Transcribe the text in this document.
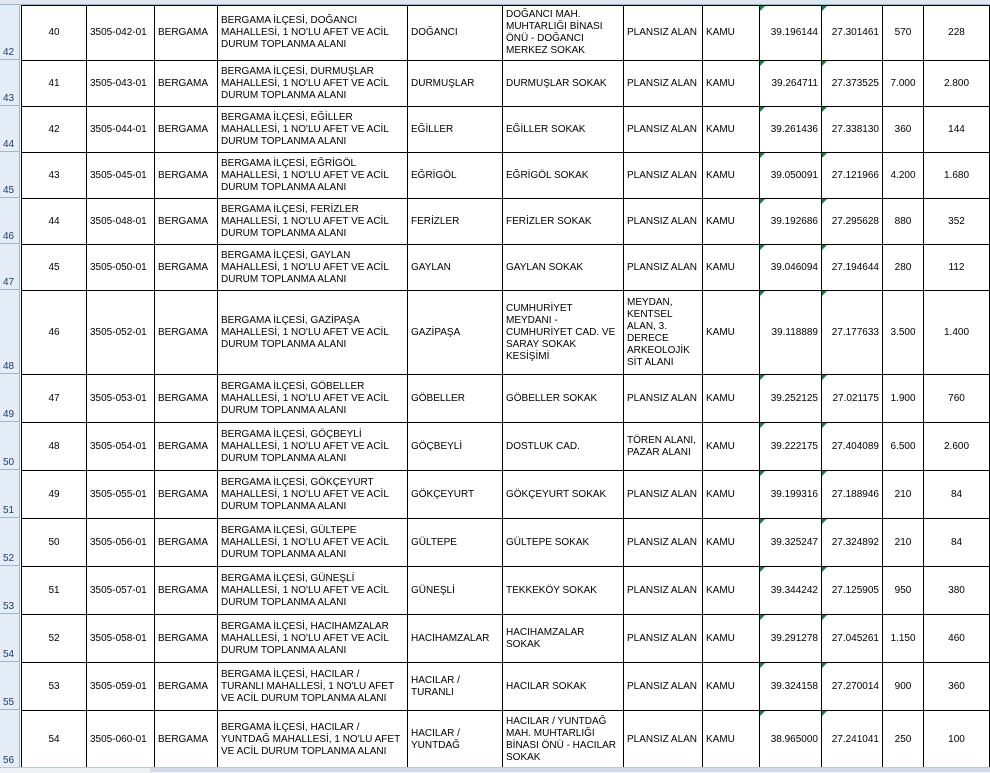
42
43
44
45
46
47
48
49
50
51
52
53
54
55
56
40	3505-042-01	BERGAMA	BERGAMA İLÇESİ, DOĞANCI MAHALLESİ, 1 NO'LU AFET VE ACİL DURUM TOPLANMA ALANI	DOĞANCI	DOĞANCI MAH. MUHTARLIĞI BİNASI ÖNÜ - DOĞANCI MERKEZ SOKAK	PLANSIZ ALAN	KAMU	39.196144	27.301461	570	228
41	3505-043-01	BERGAMA	BERGAMA İLÇESİ, DURMUŞLAR MAHALLESİ, 1 NO'LU AFET VE ACİL DURUM TOPLANMA ALANI	DURMUŞLAR	DURMUŞLAR SOKAK	PLANSIZ ALAN	KAMU	39.264711	27.373525	7.000	2.800
42	3505-044-01	BERGAMA	BERGAMA İLÇESİ, EĞİLLER MAHALLESİ, 1 NO'LU AFET VE ACİL DURUM TOPLANMA ALANI	EĞİLLER	EĞİLLER SOKAK	PLANSIZ ALAN	KAMU	39.261436	27.338130	360	144
43	3505-045-01	BERGAMA	BERGAMA İLÇESİ, EĞRİGÖL MAHALLESİ, 1 NO'LU AFET VE ACİL DURUM TOPLANMA ALANI	EĞRİGÖL	EĞRİGÖL SOKAK	PLANSIZ ALAN	KAMU	39.050091	27.121966	4.200	1.680
44	3505-048-01	BERGAMA	BERGAMA İLÇESİ, FERİZLER MAHALLESİ, 1 NO'LU AFET VE ACİL DURUM TOPLANMA ALANI	FERİZLER	FERİZLER SOKAK	PLANSIZ ALAN	KAMU	39.192686	27.295628	880	352
45	3505-050-01	BERGAMA	BERGAMA İLÇESİ, GAYLAN MAHALLESİ, 1 NO'LU AFET VE ACİL DURUM TOPLANMA ALANI	GAYLAN	GAYLAN SOKAK	PLANSIZ ALAN	KAMU	39.046094	27.194644	280	112
46	3505-052-01	BERGAMA	BERGAMA İLÇESİ, GAZİPAŞA MAHALLESİ, 1 NO'LU AFET VE ACİL DURUM TOPLANMA ALANI	GAZİPAŞA	CUMHURİYET MEYDANI - CUMHURİYET CAD. VE SARAY SOKAK KESİŞİMİ	MEYDAN, KENTSEL ALAN, 3. DERECE ARKEOLOJİK SİT ALANI	KAMU	39.118889	27.177633	3.500	1.400
47	3505-053-01	BERGAMA	BERGAMA İLÇESİ, GÖBELLER MAHALLESİ, 1 NO'LU AFET VE ACİL DURUM TOPLANMA ALANI	GÖBELLER	GÖBELLER SOKAK	PLANSIZ ALAN	KAMU	39.252125	27.021175	1.900	760
48	3505-054-01	BERGAMA	BERGAMA İLÇESİ, GÖÇBEYLİ MAHALLESİ, 1 NO'LU AFET VE ACİL DURUM TOPLANMA ALANI	GÖÇBEYLİ	DOSTLUK CAD.	TÖREN ALANI, PAZAR ALANI	KAMU	39.222175	27.404089	6.500	2.600
49	3505-055-01	BERGAMA	BERGAMA İLÇESİ, GÖKÇEYURT MAHALLESİ, 1 NO'LU AFET VE ACİL DURUM TOPLANMA ALANI	GÖKÇEYURT	GÖKÇEYURT SOKAK	PLANSIZ ALAN	KAMU	39.199316	27.188946	210	84
50	3505-056-01	BERGAMA	BERGAMA İLÇESİ, GÜLTEPE MAHALLESİ, 1 NO'LU AFET VE ACİL DURUM TOPLANMA ALANI	GÜLTEPE	GÜLTEPE SOKAK	PLANSIZ ALAN	KAMU	39.325247	27.324892	210	84
51	3505-057-01	BERGAMA	BERGAMA İLÇESİ, GÜNEŞLİ MAHALLESİ, 1 NO'LU AFET VE ACİL DURUM TOPLANMA ALANI	GÜNEŞLİ	TEKKEKÖY SOKAK	PLANSIZ ALAN	KAMU	39.344242	27.125905	950	380
52	3505-058-01	BERGAMA	BERGAMA İLÇESİ, HACIHAMZALAR MAHALLESİ, 1 NO'LU AFET VE ACİL DURUM TOPLANMA ALANI	HACIHAMZALAR	HACIHAMZALAR SOKAK	PLANSIZ ALAN	KAMU	39.291278	27.045261	1.150	460
53	3505-059-01	BERGAMA	BERGAMA İLÇESİ, HACILAR / TURANLI MAHALLESİ, 1 NO'LU AFET VE ACİL DURUM TOPLANMA ALANI	HACILAR / TURANLI	HACILAR SOKAK	PLANSIZ ALAN	KAMU	39.324158	27.270014	900	360
54	3505-060-01	BERGAMA	BERGAMA İLÇESİ, HACILAR / YUNTDAĞ MAHALLESİ, 1 NO'LU AFET VE ACİL DURUM TOPLANMA ALANI	HACILAR / YUNTDAĞ	HACILAR / YUNTDAĞ MAH. MUHTARLIĞI BİNASI ÖNÜ - HACILAR SOKAK	PLANSIZ ALAN	KAMU	38.965000	27.241041	250	100
